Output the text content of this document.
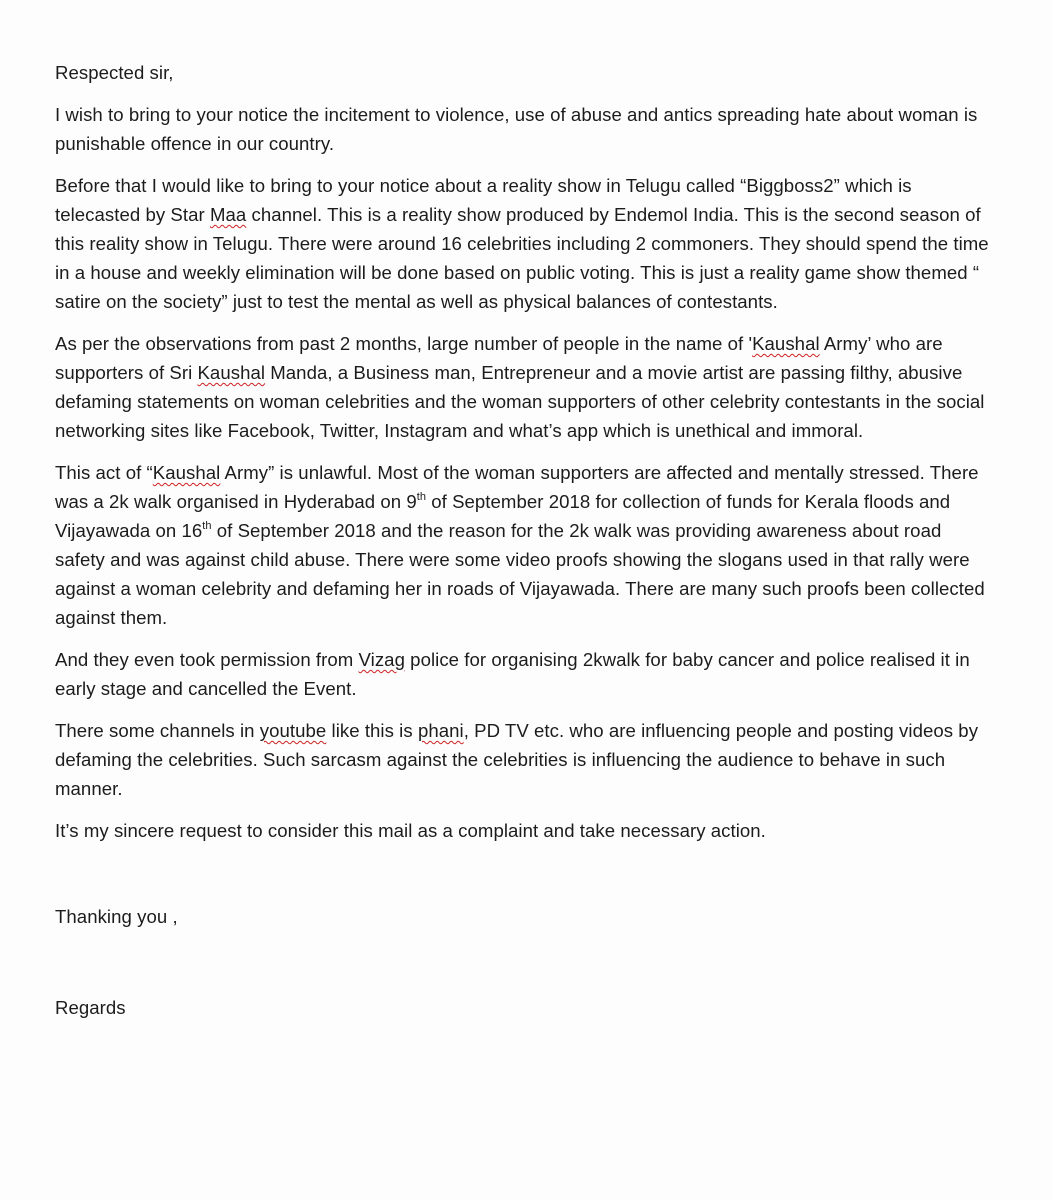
Respected sir,

I wish to bring to your notice the incitement to violence, use of abuse and antics spreading hate about woman is punishable offence in our country.

Before that I would like to bring to your notice about a reality show in Telugu called “Biggboss2” which is telecasted by Star Maa channel. This is a reality show produced by Endemol India. This is the second season of this reality show in Telugu. There were around 16 celebrities including 2 commoners. They should spend the time in a house and weekly elimination will be done based on public voting. This is just a reality game show themed “ satire on the society” just to test the mental as well as physical balances of contestants.

As per the observations from past 2 months, large number of people in the name of 'Kaushal Army’ who are supporters of Sri Kaushal Manda, a Business man, Entrepreneur and a movie artist are passing filthy, abusive defaming statements on woman celebrities and the woman supporters of other celebrity contestants in the social networking sites like Facebook, Twitter, Instagram and what’s app which is unethical and immoral.

This act of “Kaushal Army” is unlawful. Most of the woman supporters are affected and mentally stressed. There was a 2k walk organised in Hyderabad on 9th of September 2018 for collection of funds for Kerala floods and Vijayawada on 16th of September 2018 and the reason for the 2k walk was providing awareness about road safety and was against child abuse. There were some video proofs showing the slogans used in that rally were against a woman celebrity and defaming her in roads of Vijayawada. There are many such proofs been collected against them.

And they even took permission from Vizag police for organising 2kwalk for baby cancer and police realised it in early stage and cancelled the Event.

There some channels in youtube like this is phani, PD TV etc. who are influencing people and posting videos by defaming the celebrities. Such sarcasm against the celebrities is influencing the audience to behave in such manner.

It’s my sincere request to consider this mail as a complaint and take necessary action.

Thanking you ,

Regards
